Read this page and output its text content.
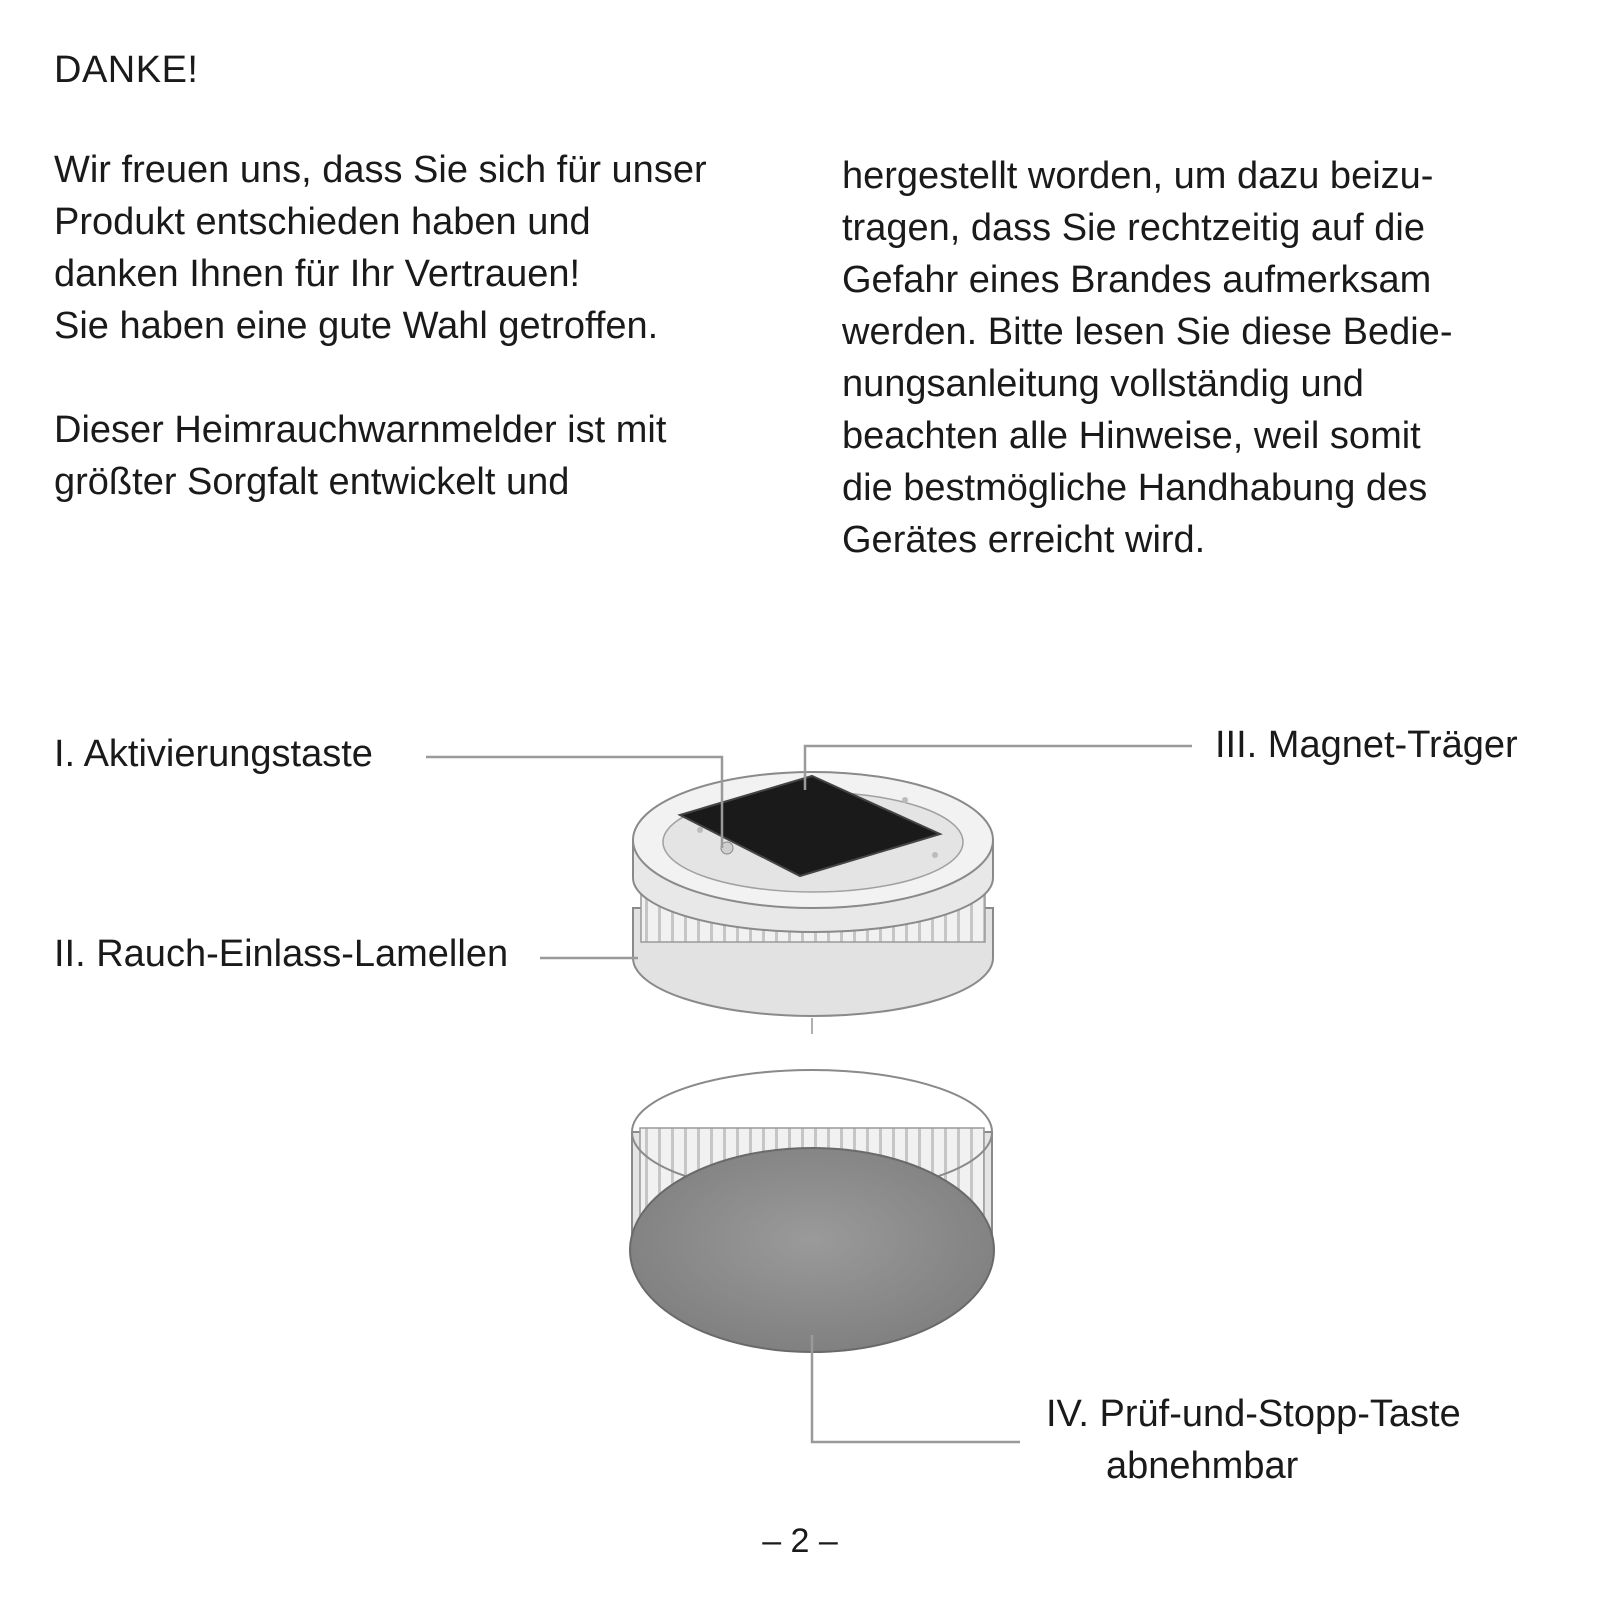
DANKE!
Wir freuen uns, dass Sie sich für unser
Produkt entschieden haben und
danken Ihnen für Ihr Vertrauen!
Sie haben eine gute Wahl getroffen.
Dieser Heimrauchwarnmelder ist mit
größter Sorgfalt entwickelt und
hergestellt worden, um dazu beizu-
tragen, dass Sie rechtzeitig auf die
Gefahr eines Brandes aufmerksam
werden. Bitte lesen Sie diese Bedie-
nungsanleitung vollständig und
beachten alle Hinweise, weil somit
die bestmögliche Handhabung des
Gerätes erreicht wird.
I. Aktivierungstaste
II. Rauch-Einlass-Lamellen
III. Magnet-Träger
IV. Prüf-und-Stopp-Taste
abnehmbar
– 2 –
